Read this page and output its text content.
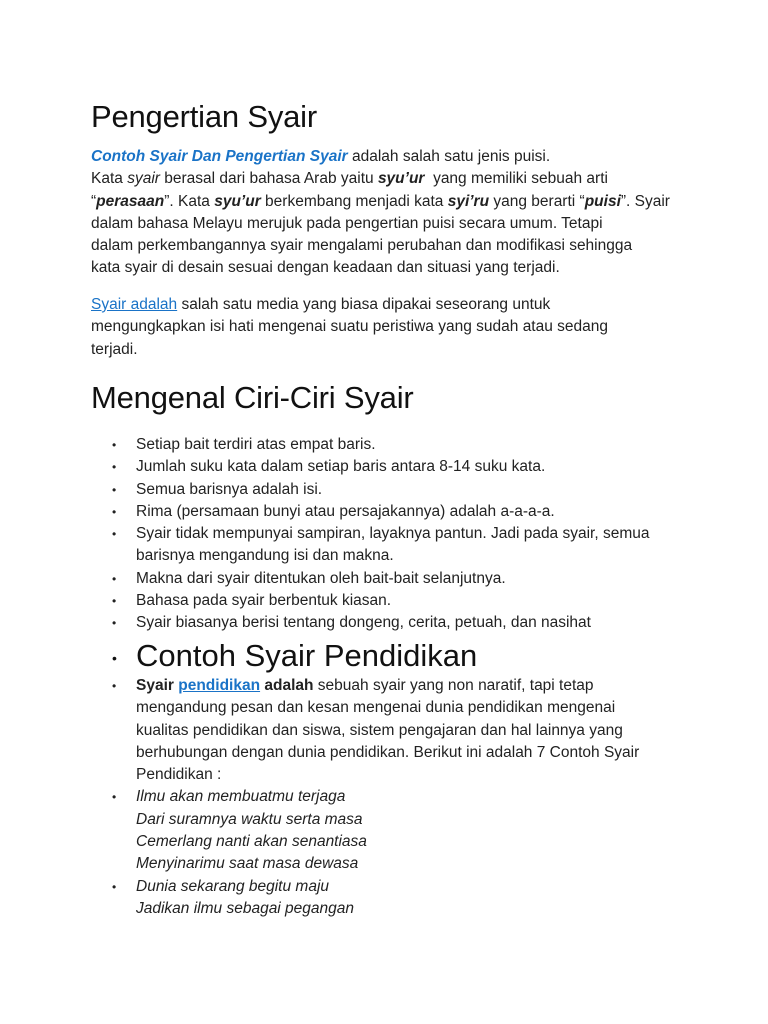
Pengertian Syair
Contoh Syair Dan Pengertian Syair adalah salah satu jenis puisi.
Kata syair berasal dari bahasa Arab yaitu syu’ur  yang memiliki sebuah arti
“perasaan”. Kata syu’ur berkembang menjadi kata syi’ru yang berarti “puisi”. Syair
dalam bahasa Melayu merujuk pada pengertian puisi secara umum. Tetapi
dalam perkembangannya syair mengalami perubahan dan modifikasi sehingga
kata syair di desain sesuai dengan keadaan dan situasi yang terjadi.
Syair adalah salah satu media yang biasa dipakai seseorang untuk
mengungkapkan isi hati mengenai suatu peristiwa yang sudah atau sedang
terjadi.
Mengenal Ciri-Ciri Syair
• Setiap bait terdiri atas empat baris.
• Jumlah suku kata dalam setiap baris antara 8-14 suku kata.
• Semua barisnya adalah isi.
• Rima (persamaan bunyi atau persajakannya) adalah a-a-a-a.
• Syair tidak mempunyai sampiran, layaknya pantun. Jadi pada syair, semua
barisnya mengandung isi dan makna.
• Makna dari syair ditentukan oleh bait-bait selanjutnya.
• Bahasa pada syair berbentuk kiasan.
• Syair biasanya berisi tentang dongeng, cerita, petuah, dan nasihat
• Contoh Syair Pendidikan
• Syair pendidikan adalah sebuah syair yang non naratif, tapi tetap
mengandung pesan dan kesan mengenai dunia pendidikan mengenai
kualitas pendidikan dan siswa, sistem pengajaran dan hal lainnya yang
berhubungan dengan dunia pendidikan. Berikut ini adalah 7 Contoh Syair
Pendidikan :
• Ilmu akan membuatmu terjaga
Dari suramnya waktu serta masa
Cemerlang nanti akan senantiasa
Menyinarimu saat masa dewasa
• Dunia sekarang begitu maju
Jadikan ilmu sebagai pegangan
